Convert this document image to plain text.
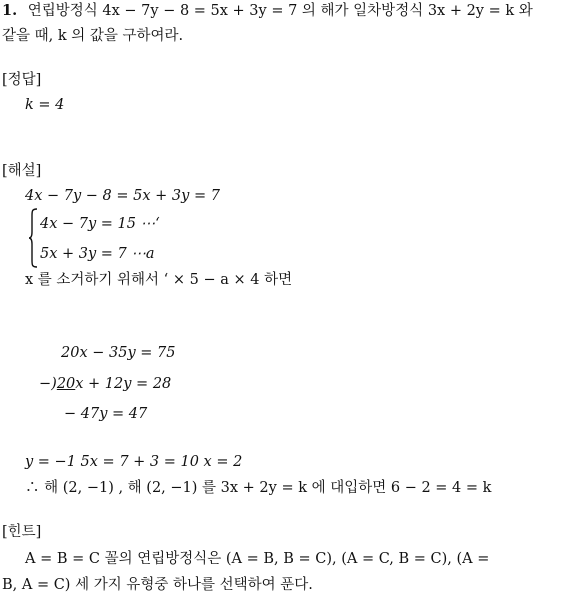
1. 연립방정식 4x − 7y − 8 = 5x + 3y = 7 의 해가 일차방정식 3x + 2y = k 와
같을 때, k 의 값을 구하여라.
[정답]
k = 4
[해설]
4x − 7y − 8 = 5x + 3y = 7
4x − 7y = 15 ⋯‘
5x + 3y = 7 ⋯a
x 를 소거하기 위해서 ‘ × 5 − a × 4 하면
20x − 35y = 75
−)20x + 12y = 28
− 47y = 47
y = −1 5x = 7 + 3 = 10 x = 2
∴ 해 (2, −1) , 해 (2, −1) 를 3x + 2y = k 에 대입하면 6 − 2 = 4 = k
[힌트]
A = B = C 꼴의 연립방정식은 (A = B, B = C), (A = C, B = C), (A =
B, A = C) 세 가지 유형중 하나를 선택하여 푼다.
